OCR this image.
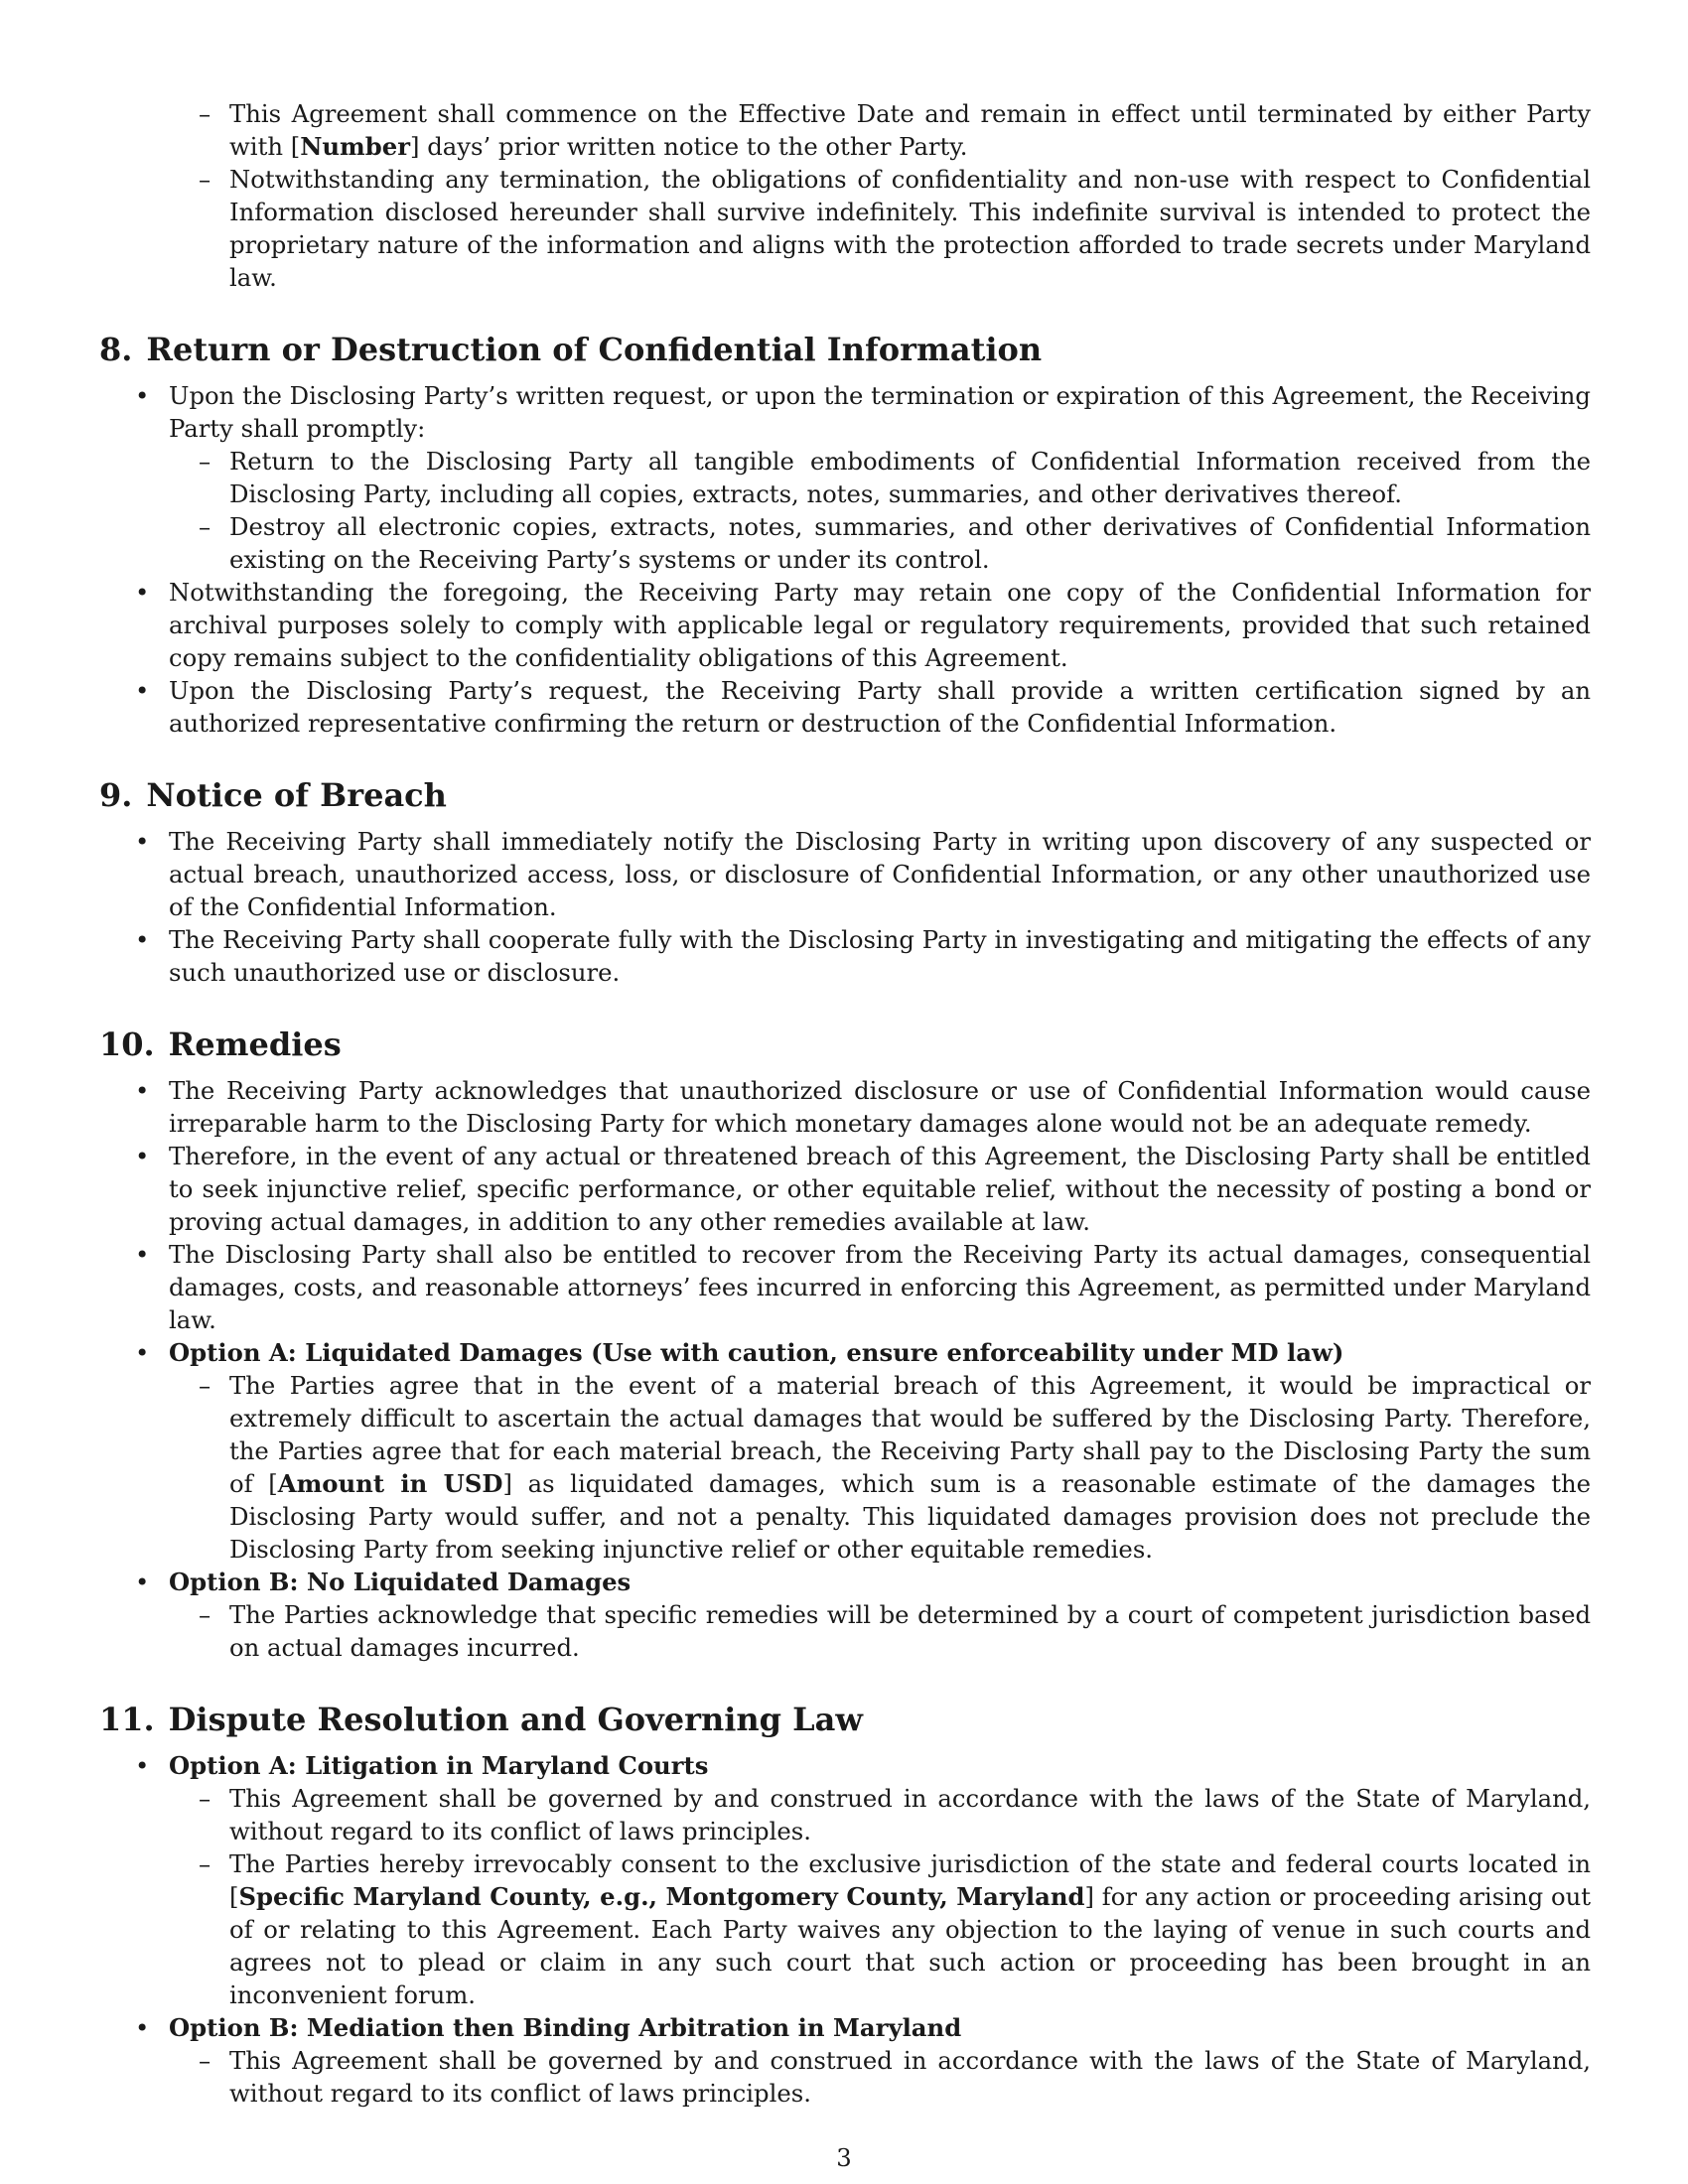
– This Agreement shall commence on the Effective Date and remain in effect until terminated by either Party with [Number] days’ prior written notice to the other Party.
– Notwithstanding any termination, the obligations of confidentiality and non-use with respect to Confidential Information disclosed hereunder shall survive indefinitely. This indefinite survival is intended to protect the proprietary nature of the information and aligns with the protection afforded to trade secrets under Maryland law.
8. Return or Destruction of Confidential Information
• Upon the Disclosing Party’s written request, or upon the termination or expiration of this Agreement, the Receiving Party shall promptly:
– Return to the Disclosing Party all tangible embodiments of Confidential Information received from the Disclosing Party, including all copies, extracts, notes, summaries, and other derivatives thereof.
– Destroy all electronic copies, extracts, notes, summaries, and other derivatives of Confidential Information existing on the Receiving Party’s systems or under its control.
• Notwithstanding the foregoing, the Receiving Party may retain one copy of the Confidential Information for archival purposes solely to comply with applicable legal or regulatory requirements, provided that such retained copy remains subject to the confidentiality obligations of this Agreement.
• Upon the Disclosing Party’s request, the Receiving Party shall provide a written certification signed by an authorized representative confirming the return or destruction of the Confidential Information.
9. Notice of Breach
• The Receiving Party shall immediately notify the Disclosing Party in writing upon discovery of any suspected or actual breach, unauthorized access, loss, or disclosure of Confidential Information, or any other unauthorized use of the Confidential Information.
• The Receiving Party shall cooperate fully with the Disclosing Party in investigating and mitigating the effects of any such unauthorized use or disclosure.
10. Remedies
• The Receiving Party acknowledges that unauthorized disclosure or use of Confidential Information would cause irreparable harm to the Disclosing Party for which monetary damages alone would not be an adequate remedy.
• Therefore, in the event of any actual or threatened breach of this Agreement, the Disclosing Party shall be entitled to seek injunctive relief, specific performance, or other equitable relief, without the necessity of posting a bond or proving actual damages, in addition to any other remedies available at law.
• The Disclosing Party shall also be entitled to recover from the Receiving Party its actual damages, consequential damages, costs, and reasonable attorneys’ fees incurred in enforcing this Agreement, as permitted under Maryland law.
• Option A: Liquidated Damages (Use with caution, ensure enforceability under MD law)
– The Parties agree that in the event of a material breach of this Agreement, it would be impractical or extremely difficult to ascertain the actual damages that would be suffered by the Disclosing Party. Therefore, the Parties agree that for each material breach, the Receiving Party shall pay to the Disclosing Party the sum of [Amount in USD] as liquidated damages, which sum is a reasonable estimate of the damages the Disclosing Party would suffer, and not a penalty. This liquidated damages provision does not preclude the Disclosing Party from seeking injunctive relief or other equitable remedies.
• Option B: No Liquidated Damages
– The Parties acknowledge that specific remedies will be determined by a court of competent jurisdiction based on actual damages incurred.
11. Dispute Resolution and Governing Law
• Option A: Litigation in Maryland Courts
– This Agreement shall be governed by and construed in accordance with the laws of the State of Maryland, without regard to its conflict of laws principles.
– The Parties hereby irrevocably consent to the exclusive jurisdiction of the state and federal courts located in [Specific Maryland County, e.g., Montgomery County, Maryland] for any action or proceeding arising out of or relating to this Agreement. Each Party waives any objection to the laying of venue in such courts and agrees not to plead or claim in any such court that such action or proceeding has been brought in an inconvenient forum.
• Option B: Mediation then Binding Arbitration in Maryland
– This Agreement shall be governed by and construed in accordance with the laws of the State of Maryland, without regard to its conflict of laws principles.
3
